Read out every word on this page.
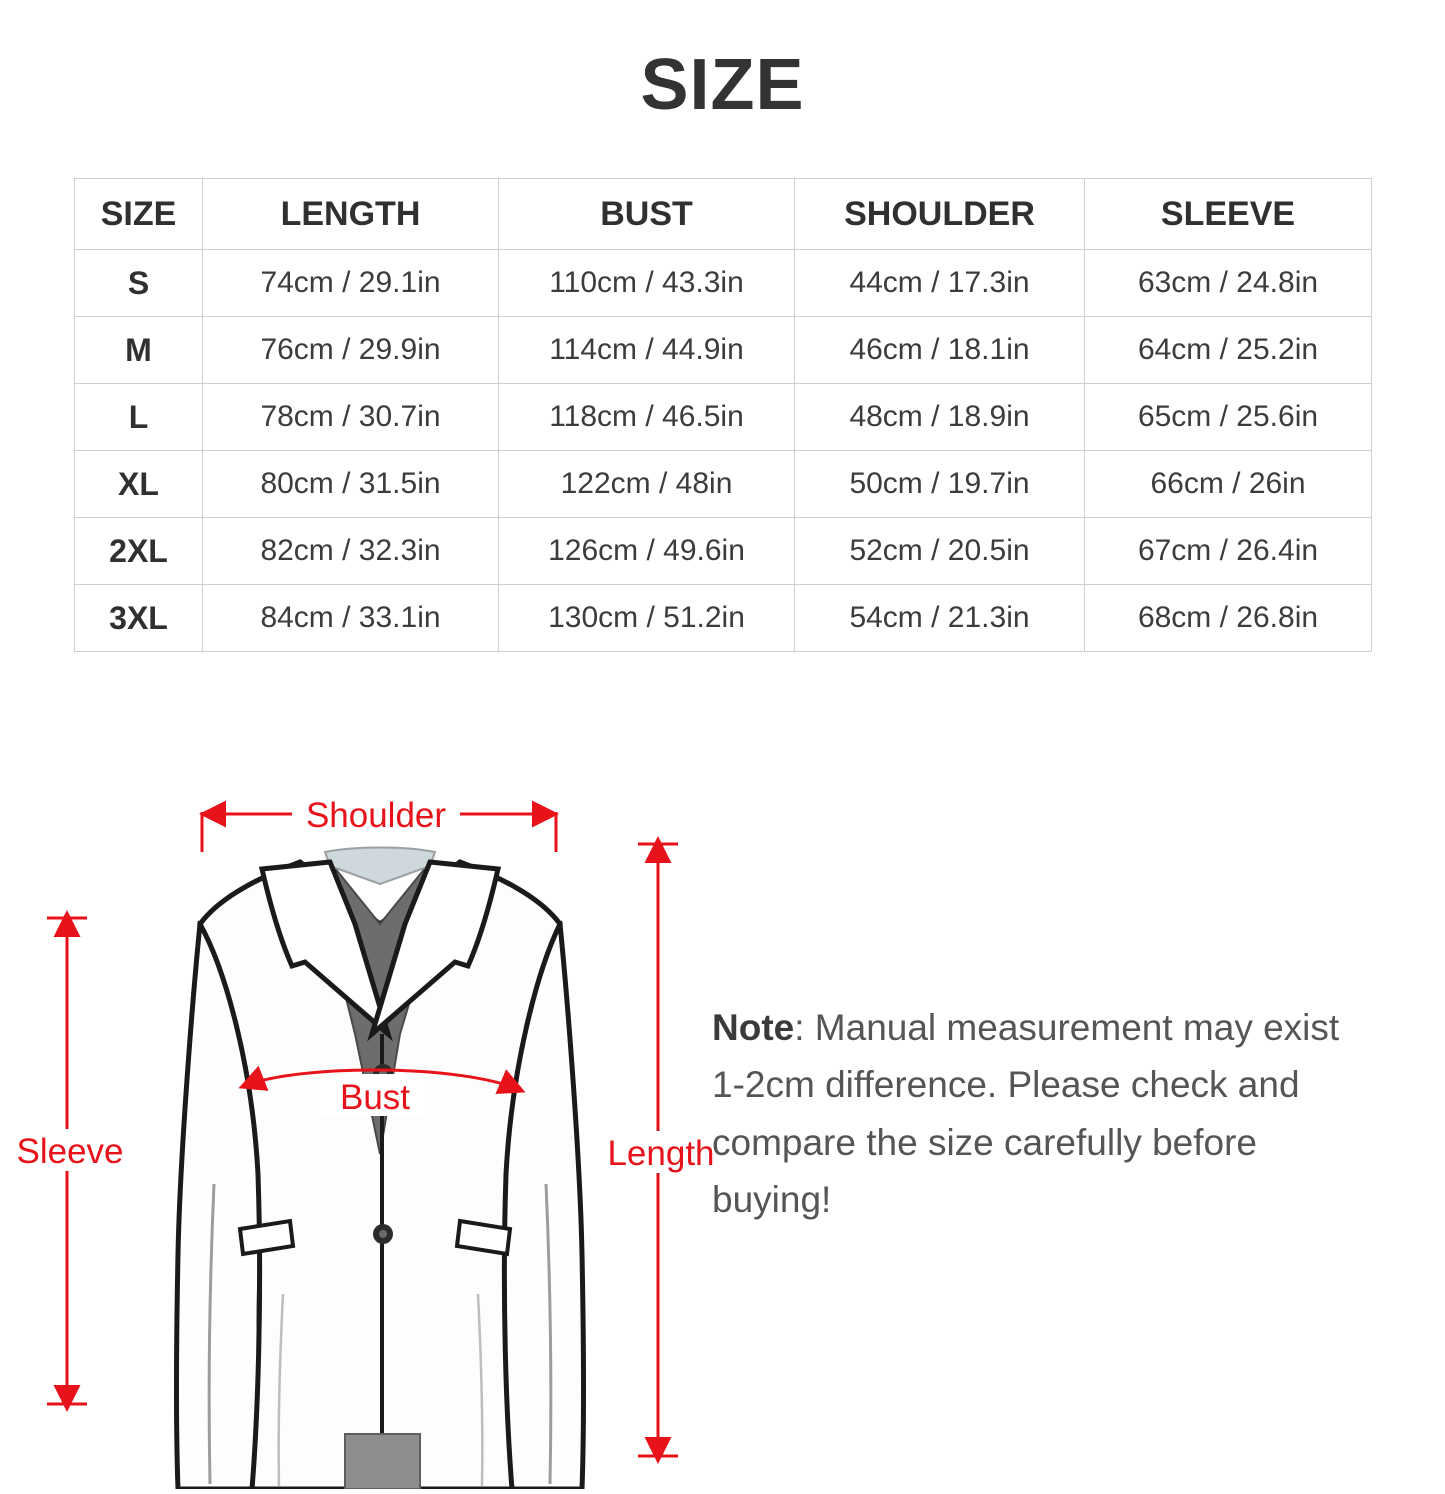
SIZE
SIZE	LENGTH	BUST	SHOULDER	SLEEVE
S	74cm / 29.1in	110cm / 43.3in	44cm / 17.3in	63cm / 24.8in
M	76cm / 29.9in	114cm / 44.9in	46cm / 18.1in	64cm / 25.2in
L	78cm / 30.7in	118cm / 46.5in	48cm / 18.9in	65cm / 25.6in
XL	80cm / 31.5in	122cm / 48in	50cm / 19.7in	66cm / 26in
2XL	82cm / 32.3in	126cm / 49.6in	52cm / 20.5in	67cm / 26.4in
3XL	84cm / 33.1in	130cm / 51.2in	54cm / 21.3in	68cm / 26.8in
Shoulder
Bust
Sleeve	Length
Note: Manual measurement may exist 1-2cm difference. Please check and compare the size carefully before buying!
